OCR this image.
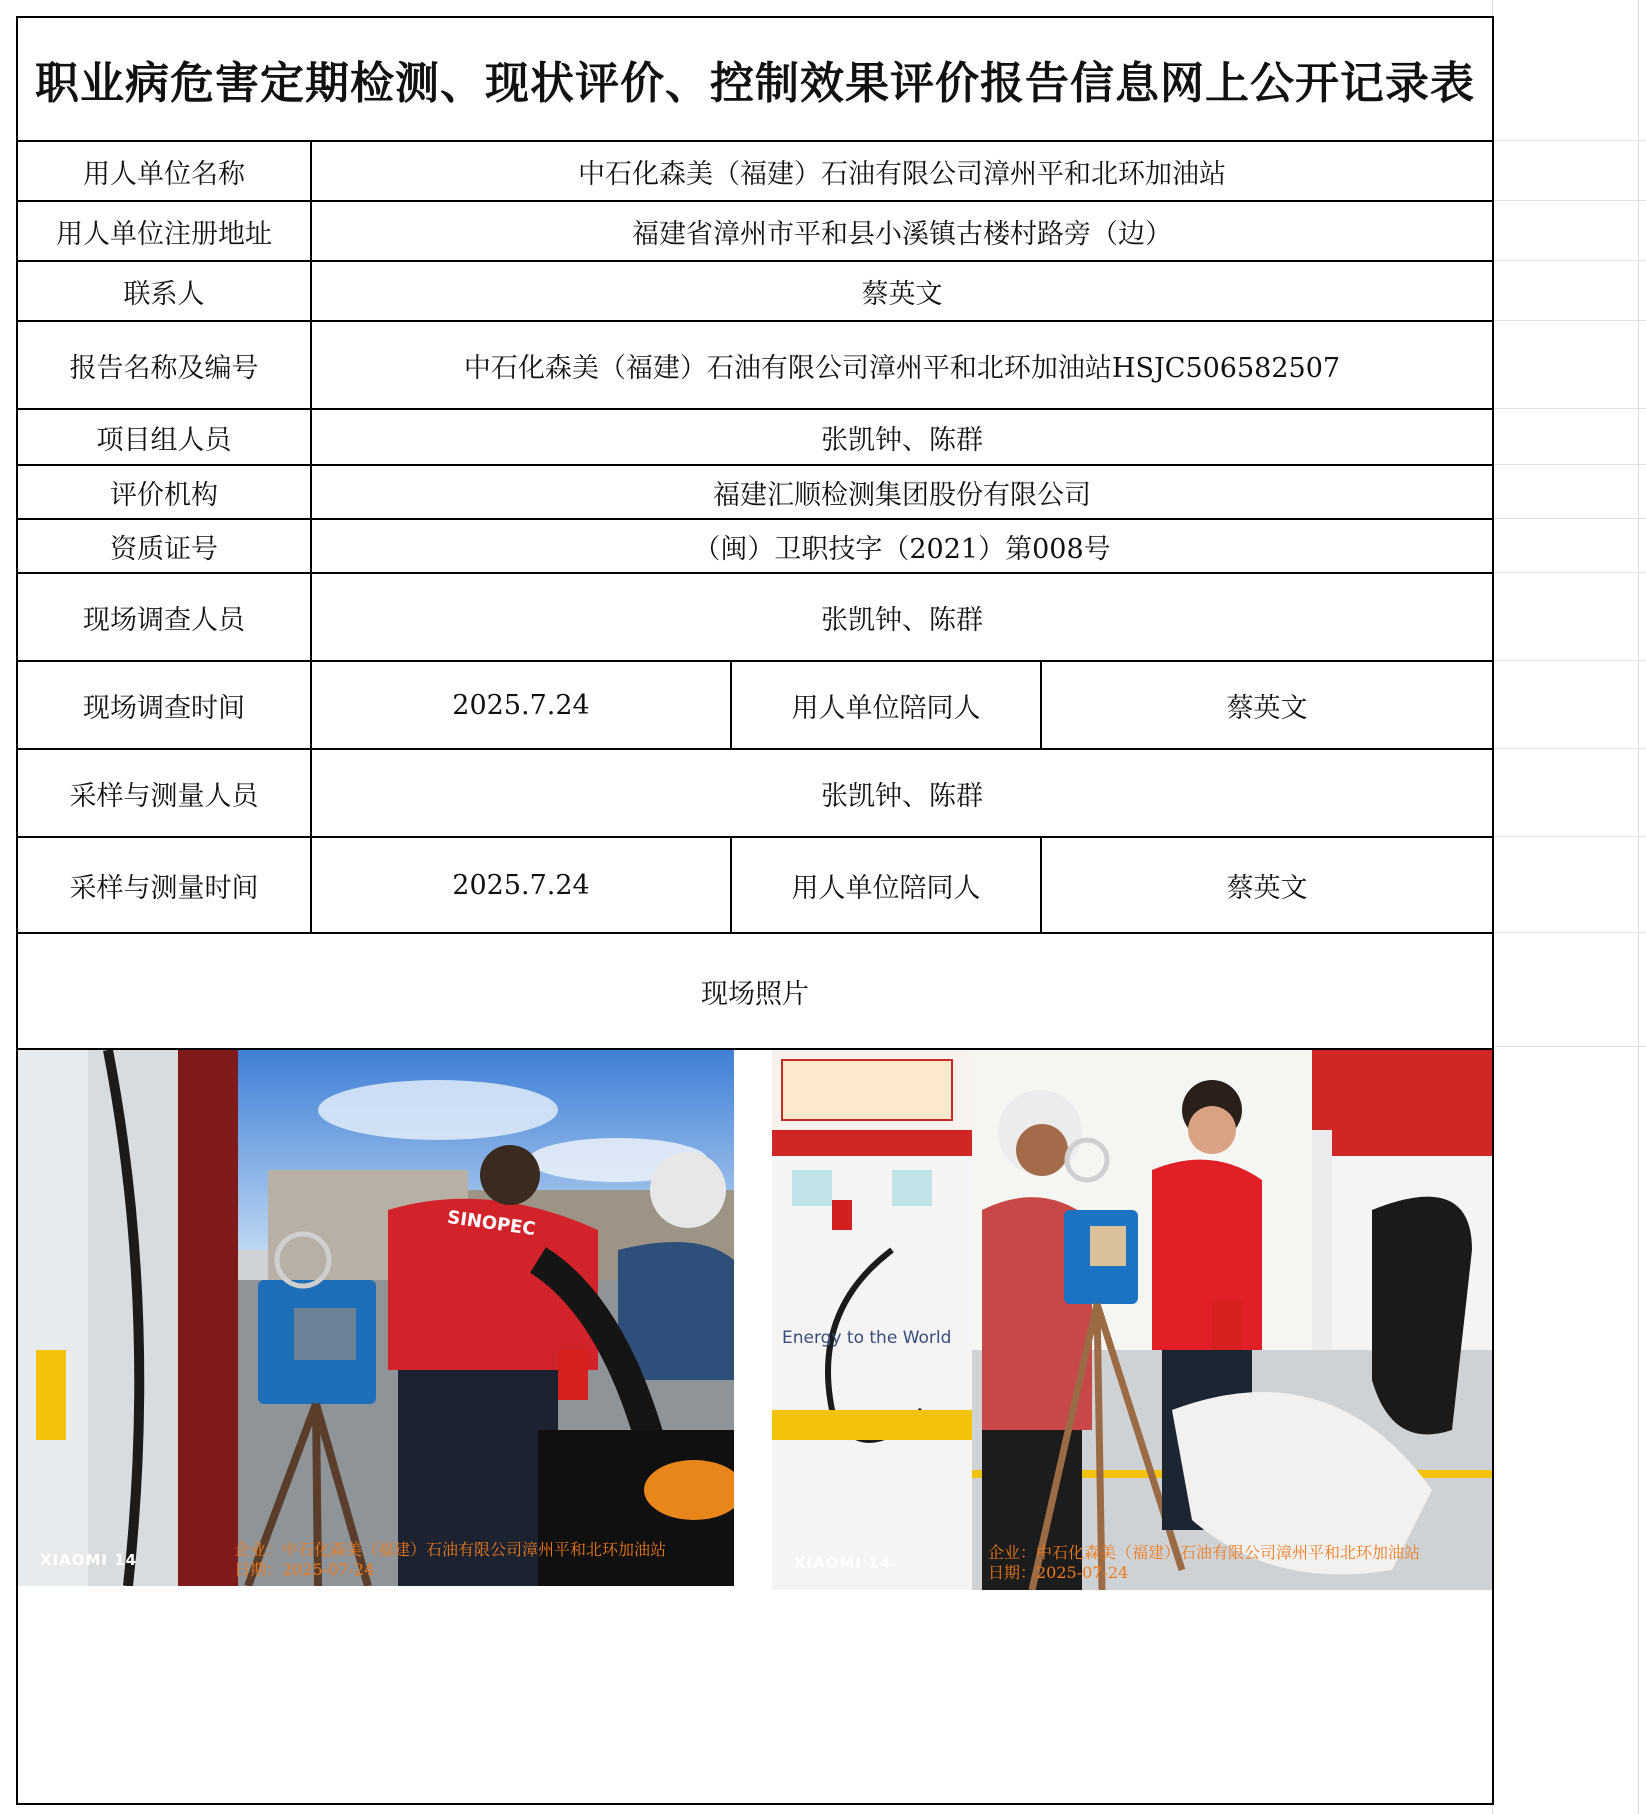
职业病危害定期检测、现状评价、控制效果评价报告信息网上公开记录表
用人单位名称	中石化森美（福建）石油有限公司漳州平和北环加油站
用人单位注册地址	福建省漳州市平和县小溪镇古楼村路旁（边）
联系人	蔡英文
报告名称及编号	中石化森美（福建）石油有限公司漳州平和北环加油站HSJC506582507
项目组人员	张凯钟、陈群
评价机构	福建汇顺检测集团股份有限公司
资质证号	（闽）卫职技字（2021）第008号
现场调查人员	张凯钟、陈群
现场调查时间	2025.7.24	用人单位陪同人	蔡英文
采样与测量人员	张凯钟、陈群
采样与测量时间	2025.7.24	用人单位陪同人	蔡英文
现场照片
XIAOMI 14
SINOPEC
企业：中石化森美（福建）石油有限公司漳州平和北环加油站
日期：2025-07-24
Energy to the World
XIAOMI 14
企业：中石化森美（福建）石油有限公司漳州平和北环加油站
日期：2025-07-24
